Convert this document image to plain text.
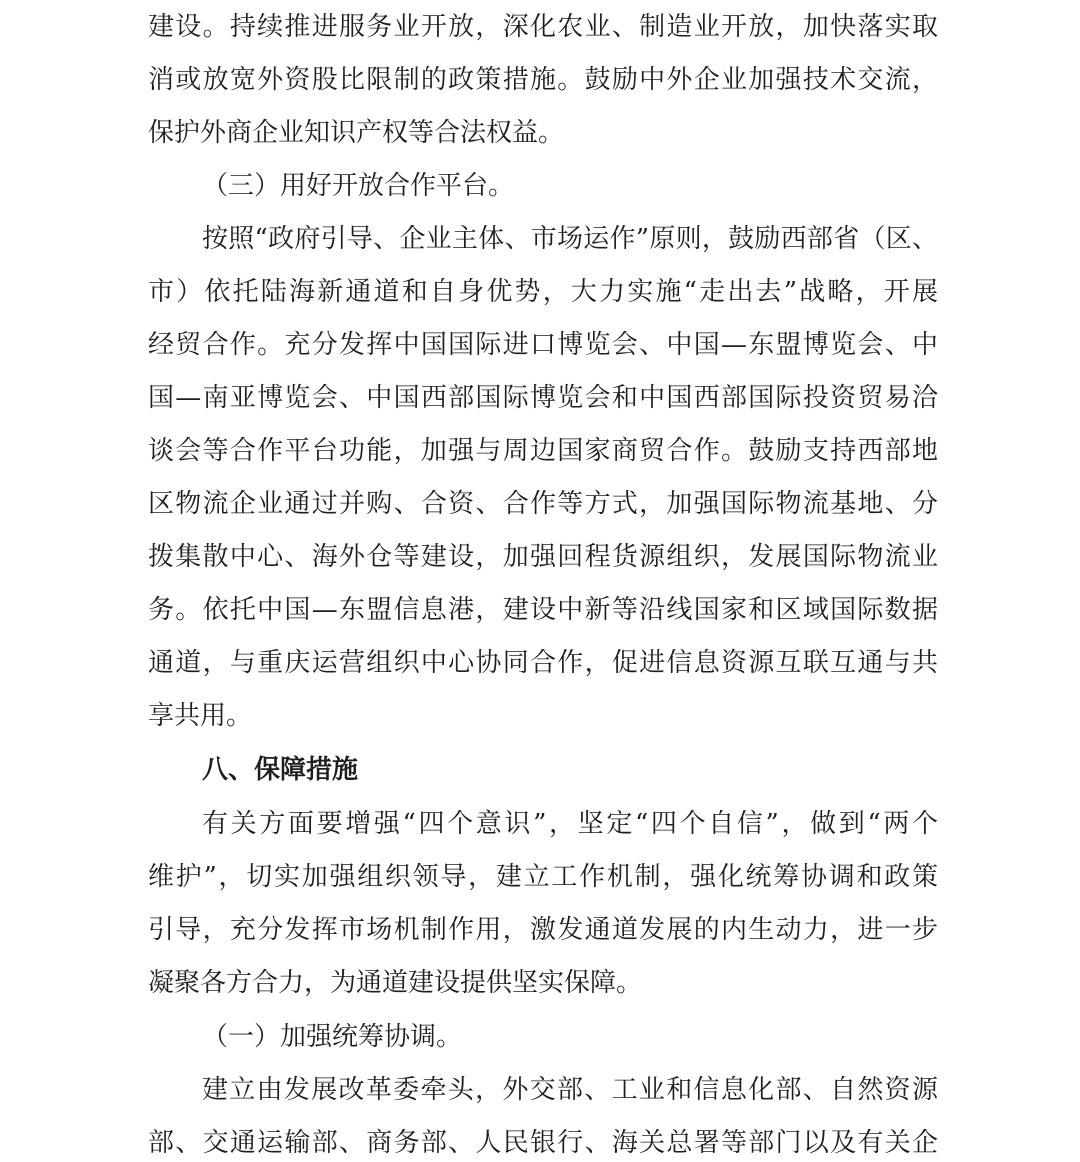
建设。持续推进服务业开放，深化农业、制造业开放，加快落实取
消或放宽外资股比限制的政策措施。鼓励中外企业加强技术交流，
保护外商企业知识产权等合法权益。
（三）用好开放合作平台。
按照“政府引导、企业主体、市场运作”原则，鼓励西部省（区、
市）依托陆海新通道和自身优势，大力实施“走出去”战略，开展
经贸合作。充分发挥中国国际进口博览会、中国—东盟博览会、中
国—南亚博览会、中国西部国际博览会和中国西部国际投资贸易洽
谈会等合作平台功能，加强与周边国家商贸合作。鼓励支持西部地
区物流企业通过并购、合资、合作等方式，加强国际物流基地、分
拨集散中心、海外仓等建设，加强回程货源组织，发展国际物流业
务。依托中国—东盟信息港，建设中新等沿线国家和区域国际数据
通道，与重庆运营组织中心协同合作，促进信息资源互联互通与共
享共用。
八、保障措施
有关方面要增强“四个意识”，坚定“四个自信”，做到“两个
维护”，切实加强组织领导，建立工作机制，强化统筹协调和政策
引导，充分发挥市场机制作用，激发通道发展的内生动力，进一步
凝聚各方合力，为通道建设提供坚实保障。
（一）加强统筹协调。
建立由发展改革委牵头，外交部、工业和信息化部、自然资源
部、交通运输部、商务部、人民银行、海关总署等部门以及有关企
